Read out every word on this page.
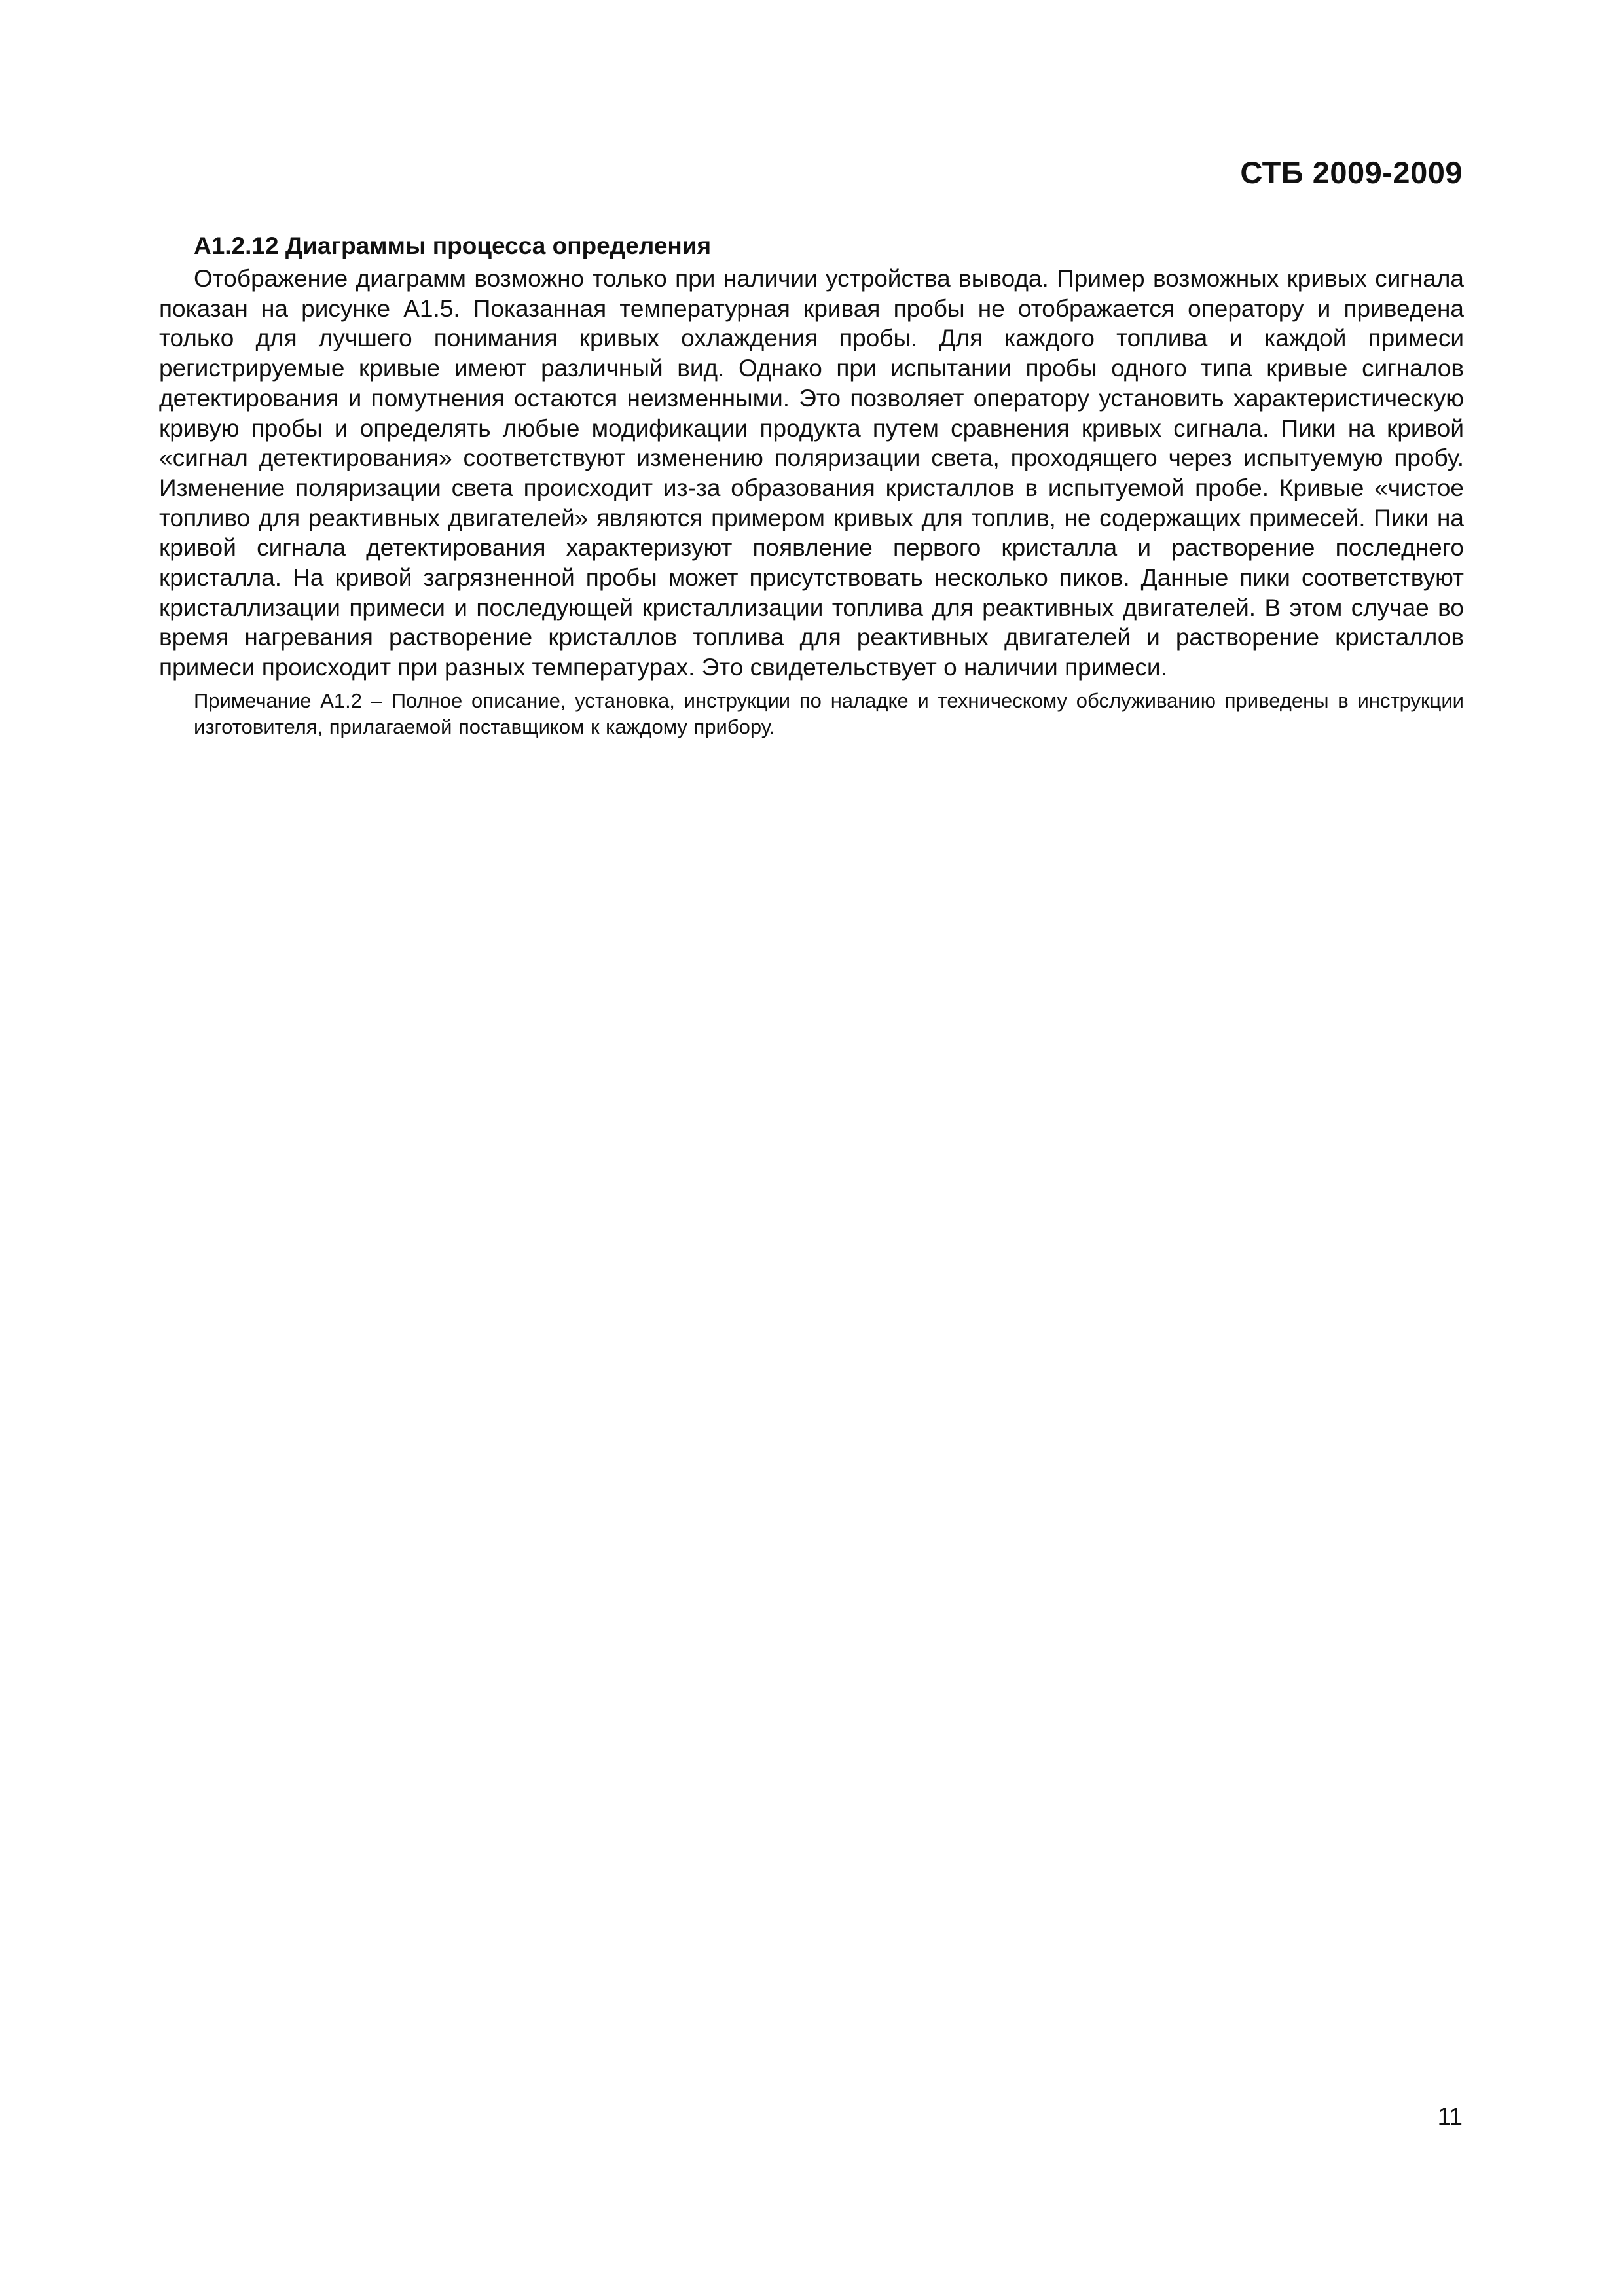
СТБ 2009-2009
А1.2.12 Диаграммы процесса определения

Отображение диаграмм возможно только при наличии устройства вывода. Пример возможных кривых сигнала показан на рисунке А1.5. Показанная температурная кривая пробы не отображается оператору и приведена только для лучшего понимания кривых охлаждения пробы. Для каждого топлива и каждой примеси регистрируемые кривые имеют различный вид. Однако при испытании пробы одного типа кривые сигналов детектирования и помутнения остаются неизменными. Это позволяет оператору установить характеристическую кривую пробы и определять любые модификации продукта путем сравнения кривых сигнала. Пики на кривой «сигнал детектирования» соответствуют изменению поляризации света, проходящего через испытуемую пробу. Изменение поляризации света происходит из-за образования кристаллов в испытуемой пробе. Кривые «чистое топливо для реактивных двигателей» являются примером кривых для топлив, не содержащих примесей. Пики на кривой сигнала детектирования характеризуют появление первого кристалла и растворение последнего кристалла. На кривой загрязненной пробы может присутствовать несколько пиков. Данные пики соответствуют кристаллизации примеси и последующей кристаллизации топлива для реактивных двигателей. В этом случае во время нагревания растворение кристаллов топлива для реактивных двигателей и растворение кристаллов примеси происходит при разных температурах. Это свидетельствует о наличии примеси.

Примечание А1.2 – Полное описание, установка, инструкции по наладке и техническому обслуживанию приведены в инструкции изготовителя, прилагаемой поставщиком к каждому прибору.

11
